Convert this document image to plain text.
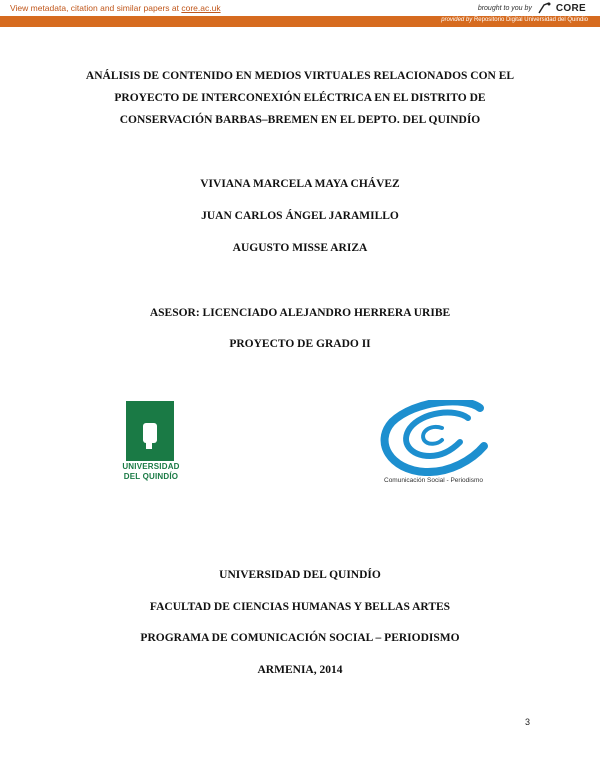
View metadata, citation and similar papers at core.ac.uk	brought to you by CORE
provided by Repositorio Digital Universidad del Quindio
ANÁLISIS DE CONTENIDO EN MEDIOS VIRTUALES RELACIONADOS CON EL
PROYECTO DE INTERCONEXIÓN ELÉCTRICA EN EL DISTRITO DE
CONSERVACIÓN BARBAS–BREMEN EN EL DEPTO. DEL QUINDÍO
VIVIANA MARCELA MAYA CHÁVEZ
JUAN CARLOS ÁNGEL JARAMILLO
AUGUSTO MISSE ARIZA
ASESOR: LICENCIADO ALEJANDRO HERRERA URIBE
PROYECTO DE GRADO II
UNIVERSIDAD
DEL QUINDÍO	Comunicación Social - Periodismo
UNIVERSIDAD DEL QUINDÍO
FACULTAD DE CIENCIAS HUMANAS Y BELLAS ARTES
PROGRAMA DE COMUNICACIÓN SOCIAL – PERIODISMO
ARMENIA, 2014
3
